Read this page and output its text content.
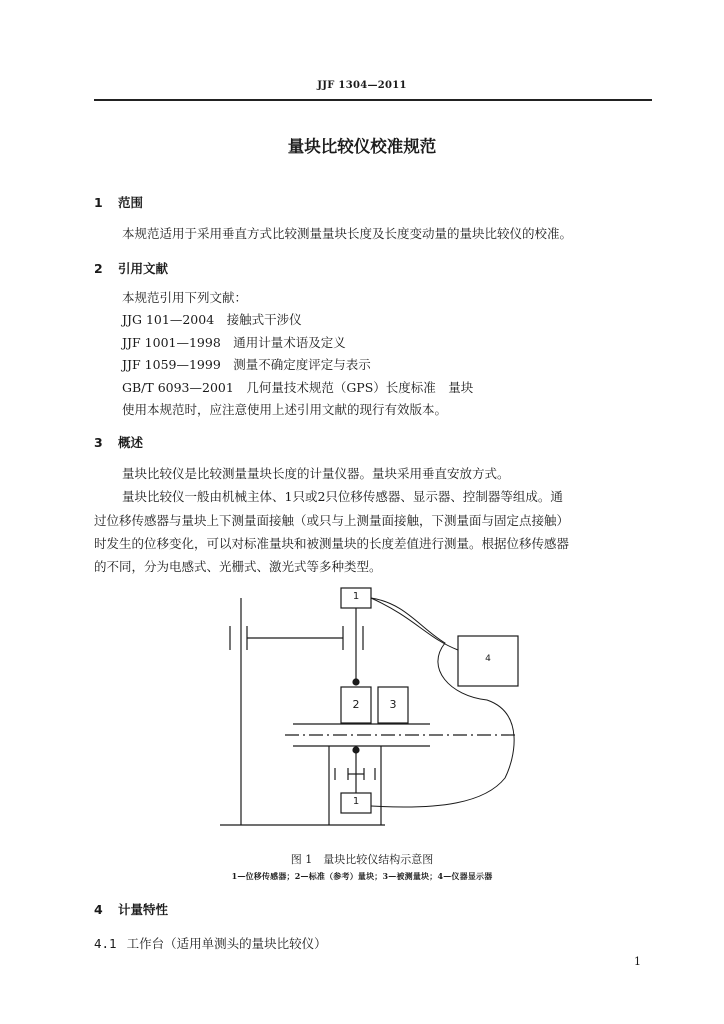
JJF 1304—2011
量块比较仪校准规范
1 范围
本规范适用于采用垂直方式比较测量量块长度及长度变动量的量块比较仪的校准。
2 引用文献
本规范引用下列文献：
JJG 101—2004　接触式干涉仪
JJF 1001—1998　通用计量术语及定义
JJF 1059—1999　测量不确定度评定与表示
GB/T 6093—2001　几何量技术规范（GPS）长度标准　量块
使用本规范时，应注意使用上述引用文献的现行有效版本。
3 概述
量块比较仪是比较测量量块长度的计量仪器。量块采用垂直安放方式。
量块比较仪一般由机械主体、1只或2只位移传感器、显示器、控制器等组成。通
过位移传感器与量块上下测量面接触（或只与上测量面接触，下测量面与固定点接触）
时发生的位移变化，可以对标准量块和被测量块的长度差值进行测量。根据位移传感器
的不同，分为电感式、光栅式、激光式等多种类型。
1
2	3
4
1
图 1　量块比较仪结构示意图
1—位移传感器；2—标准（参考）量块；3—被测量块；4—仪器显示器
4 计量特性
4.1 工作台（适用单测头的量块比较仪）
1
